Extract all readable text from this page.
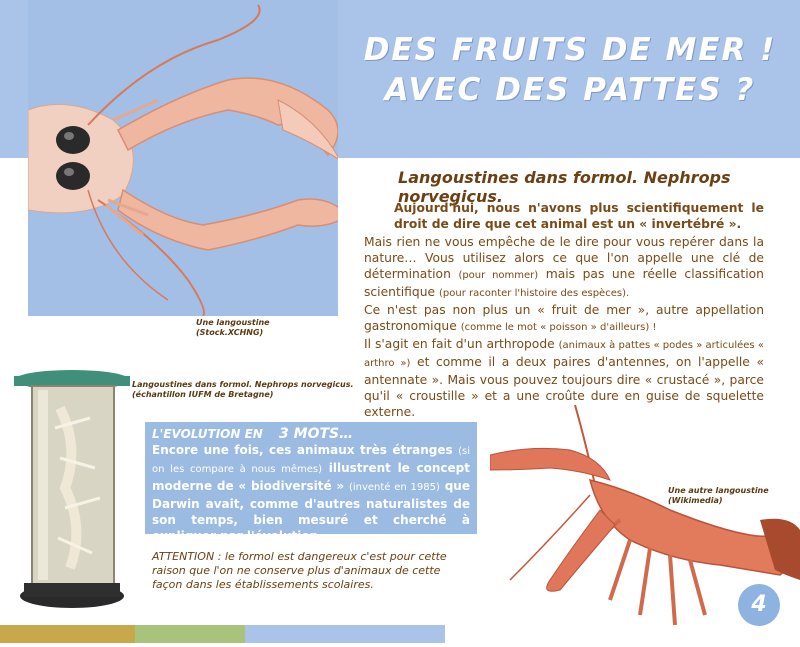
Une langoustine
(Stock.XCHNG)
DES FRUITS DE MER !
AVEC DES PATTES ?
Langoustines dans formol. Nephrops norvegicus.

Aujourd'hui, nous n'avons plus scientifiquement le droit de dire que cet animal est un « invertébré ».

Mais rien ne vous empêche de le dire pour vous repérer dans la nature… Vous utilisez alors ce que l'on appelle une clé de détermination (pour nommer) mais pas une réelle classification scientifique (pour raconter l'histoire des espèces).

Ce n'est pas non plus un « fruit de mer », autre appellation gastronomique (comme le mot « poisson » d'ailleurs) !

Il s'agit en fait d'un arthropode (animaux à pattes « podes » articulées « arthro ») et comme il a deux paires d'antennes, on l'appelle « antennate ». Mais vous pouvez toujours dire « crustacé », parce qu'il « croustille » et a une croûte dure en guise de squelette externe.

Langoustines dans formol. Nephrops norvegicus.
(échantillon IUFM de Bretagne)
L'EVOLUTION EN 3 MOTS…
Encore une fois, ces animaux très étranges (si on les compare à nous mêmes) illustrent le concept moderne de « biodiversité » (inventé en 1985) que Darwin avait, comme d'autres naturalistes de son temps, bien mesuré et cherché à expliquer par l'évolution.
ATTENTION : le formol est dangereux c'est pour cette raison que l'on ne conserve plus d'animaux de cette façon dans les établissements scolaires.
Une autre langoustine
(Wikimedia)
4
